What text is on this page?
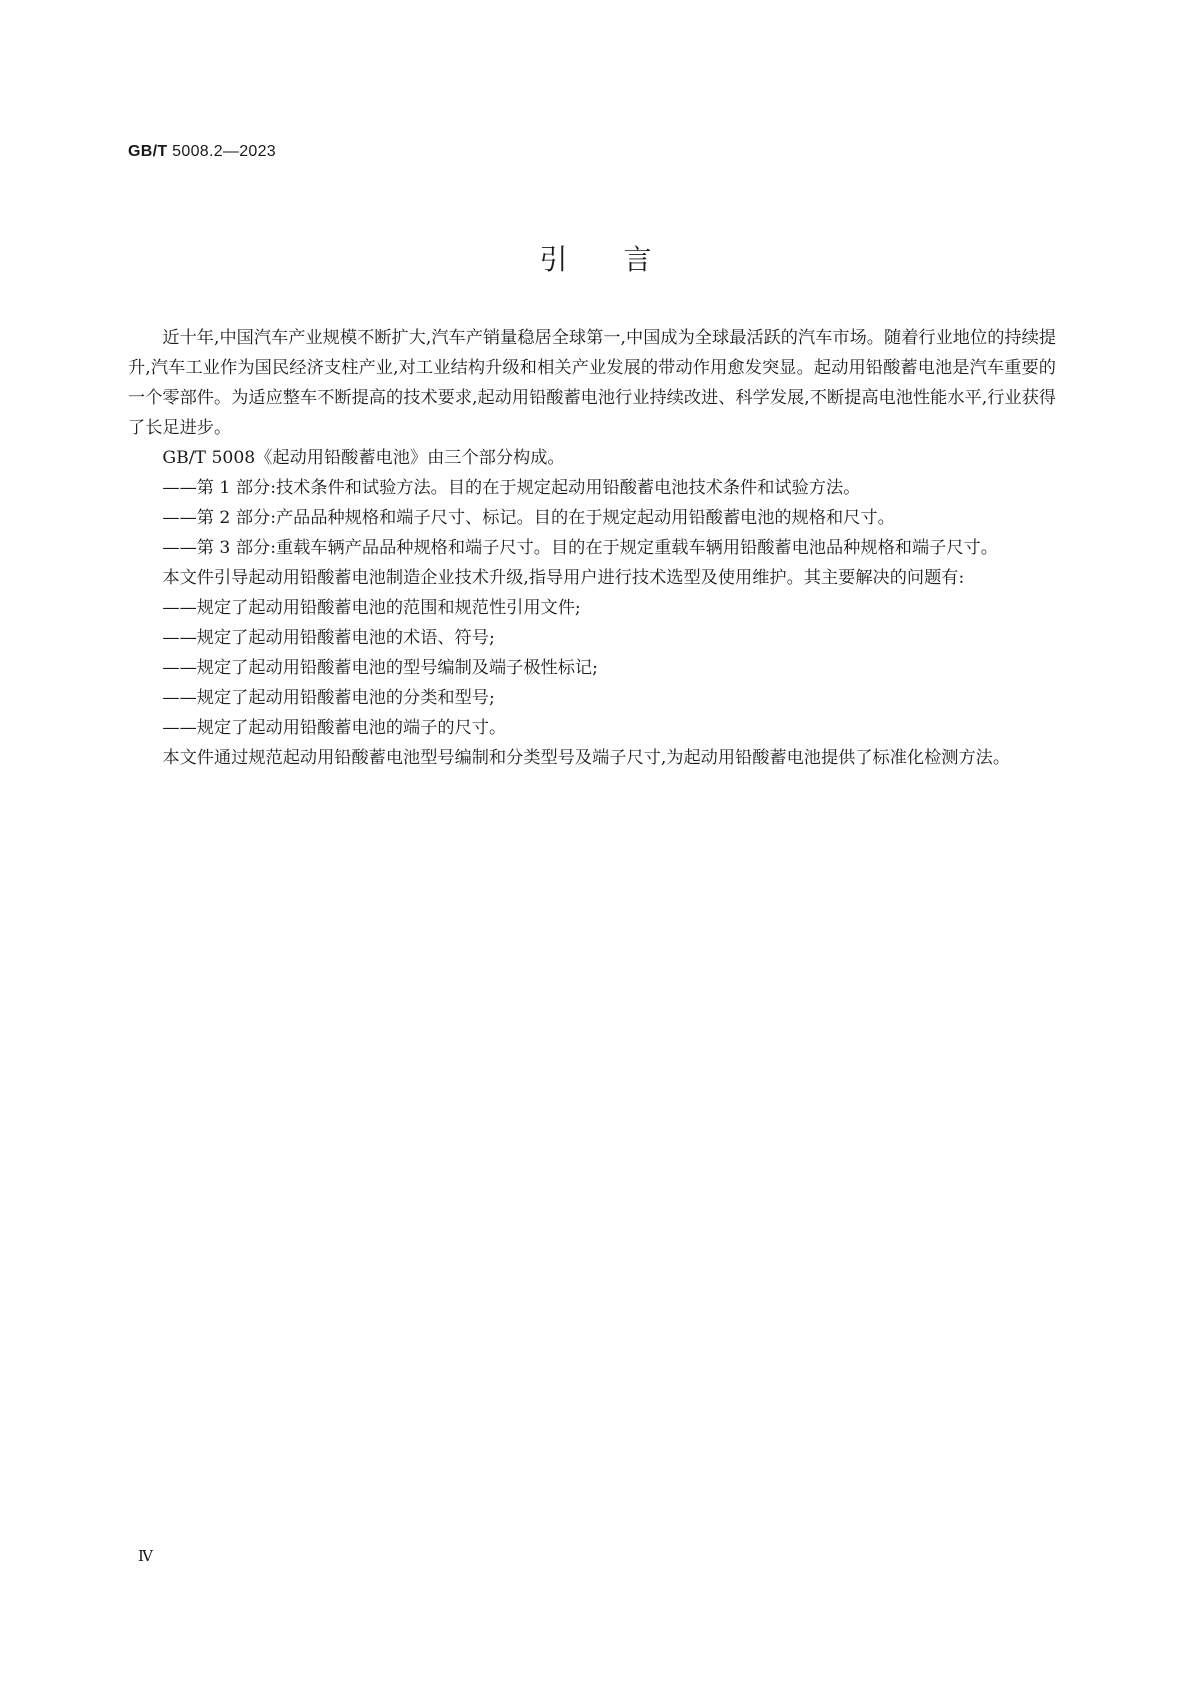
GB/T 5008.2—2023
引言

近十年,中国汽车产业规模不断扩大,汽车产销量稳居全球第一,中国成为全球最活跃的汽车市场。随着行业地位的持续提升,汽车工业作为国民经济支柱产业,对工业结构升级和相关产业发展的带动作用愈发突显。起动用铅酸蓄电池是汽车重要的一个零部件。为适应整车不断提高的技术要求,起动用铅酸蓄电池行业持续改进、科学发展,不断提高电池性能水平,行业获得了长足进步。

GB/T 5008《起动用铅酸蓄电池》由三个部分构成。

——第 1 部分:技术条件和试验方法。目的在于规定起动用铅酸蓄电池技术条件和试验方法。

——第 2 部分:产品品种规格和端子尺寸、标记。目的在于规定起动用铅酸蓄电池的规格和尺寸。

——第 3 部分:重载车辆产品品种规格和端子尺寸。目的在于规定重载车辆用铅酸蓄电池品种规格和端子尺寸。

本文件引导起动用铅酸蓄电池制造企业技术升级,指导用户进行技术选型及使用维护。其主要解决的问题有:

——规定了起动用铅酸蓄电池的范围和规范性引用文件;

——规定了起动用铅酸蓄电池的术语、符号;

——规定了起动用铅酸蓄电池的型号编制及端子极性标记;

——规定了起动用铅酸蓄电池的分类和型号;

——规定了起动用铅酸蓄电池的端子的尺寸。

本文件通过规范起动用铅酸蓄电池型号编制和分类型号及端子尺寸,为起动用铅酸蓄电池提供了标准化检测方法。

Ⅳ
